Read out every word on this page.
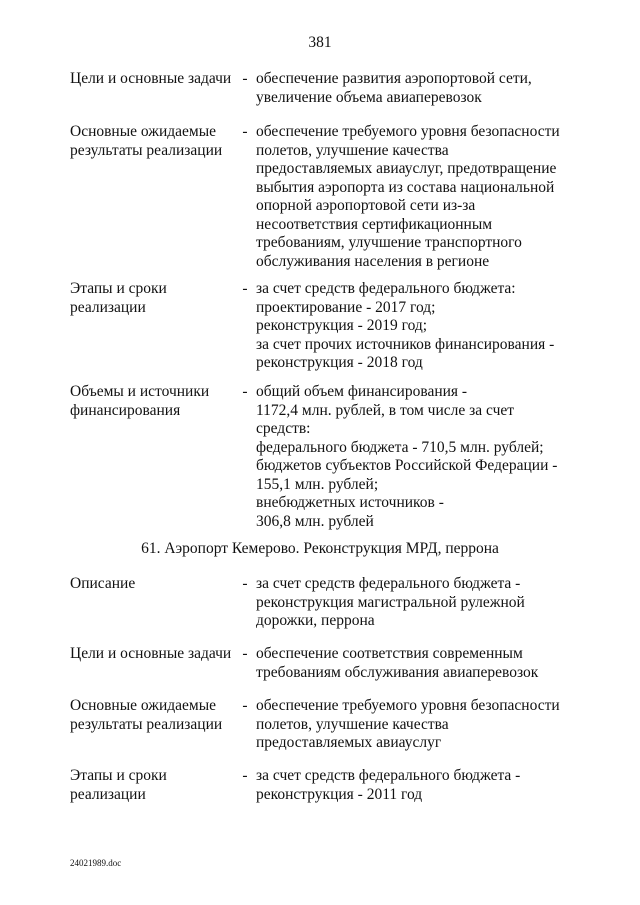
381
Цели и основные задачи - обеспечение развития аэропортовой сети,
увеличение объема авиаперевозок
Основные ожидаемые результаты реализации
- обеспечение требуемого уровня безопасности
полетов, улучшение качества
предоставляемых авиауслуг, предотвращение
выбытия аэропорта из состава национальной
опорной аэропортовой сети из-за
несоответствия сертификационным
требованиям, улучшение транспортного
обслуживания населения в регионе
Этапы и сроки реализации
- за счет средств федерального бюджета:
проектирование - 2017 год;
реконструкция - 2019 год;
за счет прочих источников финансирования -
реконструкция - 2018 год
Объемы и источники финансирования
- общий объем финансирования -
1172,4 млн. рублей, в том числе за счет
средств:
федерального бюджета - 710,5 млн. рублей;
бюджетов субъектов Российской Федерации -
155,1 млн. рублей;
внебюджетных источников -
306,8 млн. рублей
61. Аэропорт Кемерово. Реконструкция МРД, перрона
Описание	- за счет средств федерального бюджета -
реконструкция магистральной рулежной
дорожки, перрона
Цели и основные задачи - обеспечение соответствия современным
требованиям обслуживания авиаперевозок
Основные ожидаемые результаты реализации
- обеспечение требуемого уровня безопасности
полетов, улучшение качества
предоставляемых авиауслуг
Этапы и сроки реализации
- за счет средств федерального бюджета -
реконструкция - 2011 год
24021989.doc
